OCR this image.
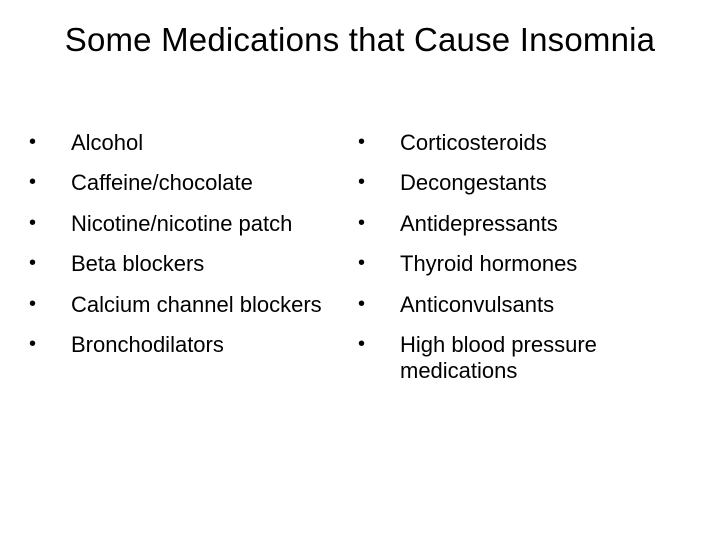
Some Medications that Cause Insomnia
• Alcohol
• Caffeine/chocolate
• Nicotine/nicotine patch
• Beta blockers
• Calcium channel blockers
• Bronchodilators
• Corticosteroids
• Decongestants
• Antidepressants
• Thyroid hormones
• Anticonvulsants
• High blood pressure medications
